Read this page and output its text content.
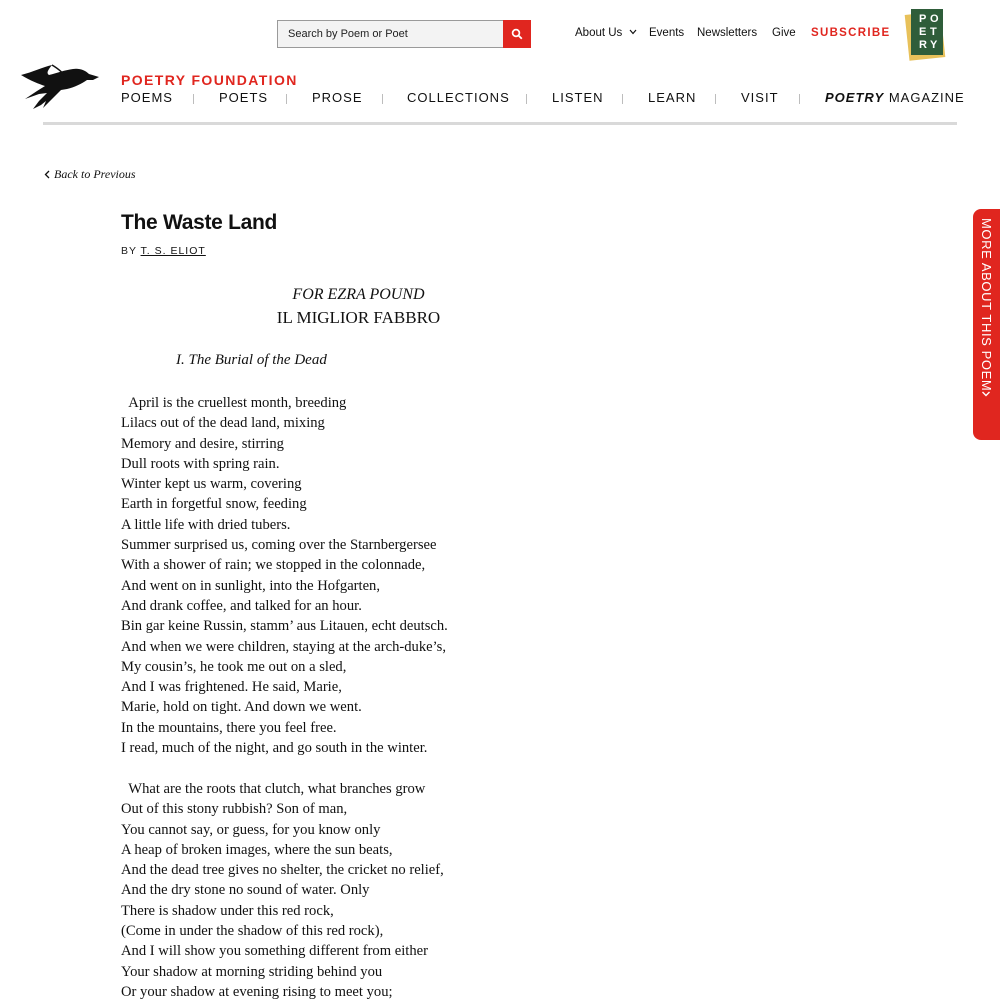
Search by Poem or Poet
About Us	Events Newsletters Give SUBSCRIBE
P O
E T
R Y
POETRY FOUNDATION
POEMS	POETS	PROSE	COLLECTIONS	LISTEN	LEARN	VISIT	POETRY MAGAZINE
Back to Previous
The Waste Land
BY T. S. ELIOT
FOR EZRA POUND
IL MIGLIOR FABBRO
I. The Burial of the Dead
April is the cruellest month, breeding
Lilacs out of the dead land, mixing
Memory and desire, stirring
Dull roots with spring rain.
Winter kept us warm, covering
Earth in forgetful snow, feeding
A little life with dried tubers.
Summer surprised us, coming over the Starnbergersee
With a shower of rain; we stopped in the colonnade,
And went on in sunlight, into the Hofgarten,
And drank coffee, and talked for an hour.
Bin gar keine Russin, stamm’ aus Litauen, echt deutsch.
And when we were children, staying at the arch-duke’s,
My cousin’s, he took me out on a sled,
And I was frightened. He said, Marie,
Marie, hold on tight. And down we went.
In the mountains, there you feel free.
I read, much of the night, and go south in the winter.
What are the roots that clutch, what branches grow
Out of this stony rubbish? Son of man,
You cannot say, or guess, for you know only
A heap of broken images, where the sun beats,
And the dead tree gives no shelter, the cricket no relief,
And the dry stone no sound of water. Only
There is shadow under this red rock,
(Come in under the shadow of this red rock),
And I will show you something different from either
Your shadow at morning striding behind you
Or your shadow at evening rising to meet you;
MORE ABOUT THIS POEM
